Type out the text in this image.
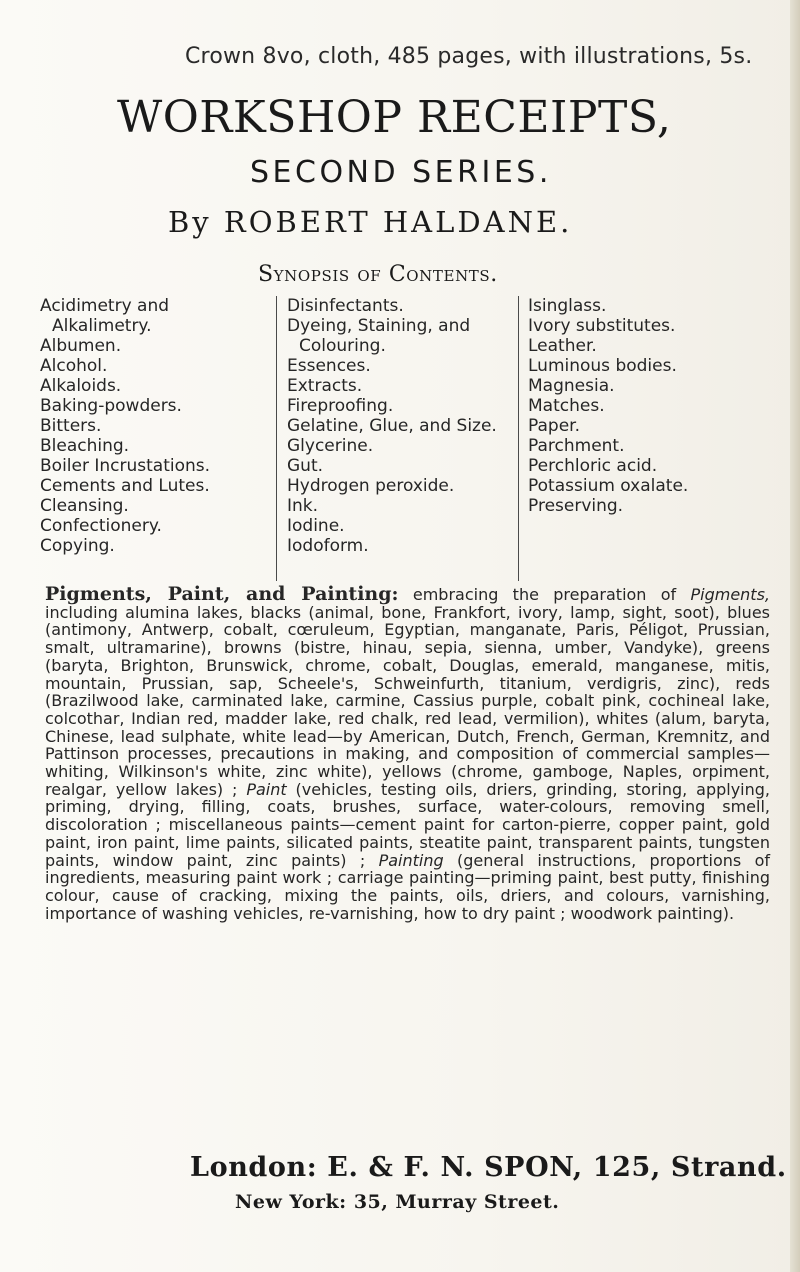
Crown 8vo, cloth, 485 pages, with illustrations, 5s.
WORKSHOP RECEIPTS,
SECOND SERIES.
By ROBERT HALDANE.
Synopsis of Contents.
Acidimetry and Alkalimetry.
Albumen.
Alcohol.
Alkaloids.
Baking-powders.
Bitters.
Bleaching.
Boiler Incrustations.
Cements and Lutes.
Cleansing.
Confectionery.
Copying.
Disinfectants.
Dyeing, Staining, and Colouring.
Essences.
Extracts.
Fireproofing.
Gelatine, Glue, and Size.
Glycerine.
Gut.
Hydrogen peroxide.
Ink.
Iodine.
Iodoform.
Isinglass.
Ivory substitutes.
Leather.
Luminous bodies.
Magnesia.
Matches.
Paper.
Parchment.
Perchloric acid.
Potassium oxalate.
Preserving.
Pigments, Paint, and Painting: embracing the preparation of Pigments, including alumina lakes, blacks (animal, bone, Frankfort, ivory, lamp, sight, soot), blues (antimony, Antwerp, cobalt, cœruleum, Egyptian, manganate, Paris, Péligot, Prussian, smalt, ultramarine), browns (bistre, hinau, sepia, sienna, umber, Vandyke), greens (baryta, Brighton, Brunswick, chrome, cobalt, Douglas, emerald, manganese, mitis, mountain, Prussian, sap, Scheele's, Schweinfurth, titanium, verdigris, zinc), reds (Brazilwood lake, carminated lake, carmine, Cassius purple, cobalt pink, cochineal lake, colcothar, Indian red, madder lake, red chalk, red lead, vermilion), whites (alum, baryta, Chinese, lead sulphate, white lead—by American, Dutch, French, German, Kremnitz, and Pattinson processes, precautions in making, and composition of commercial samples—whiting, Wilkinson's white, zinc white), yellows (chrome, gamboge, Naples, orpiment, realgar, yellow lakes) ; Paint (vehicles, testing oils, driers, grinding, storing, applying, priming, drying, filling, coats, brushes, surface, water-colours, removing smell, discoloration ; miscellaneous paints—cement paint for carton-pierre, copper paint, gold paint, iron paint, lime paints, silicated paints, steatite paint, transparent paints, tungsten paints, window paint, zinc paints) ; Painting (general instructions, proportions of ingredients, measuring paint work ; carriage painting—priming paint, best putty, finishing colour, cause of cracking, mixing the paints, oils, driers, and colours, varnishing, importance of washing vehicles, re-varnishing, how to dry paint ; woodwork painting).
London: E. & F. N. SPON, 125, Strand.
New York: 35, Murray Street.
